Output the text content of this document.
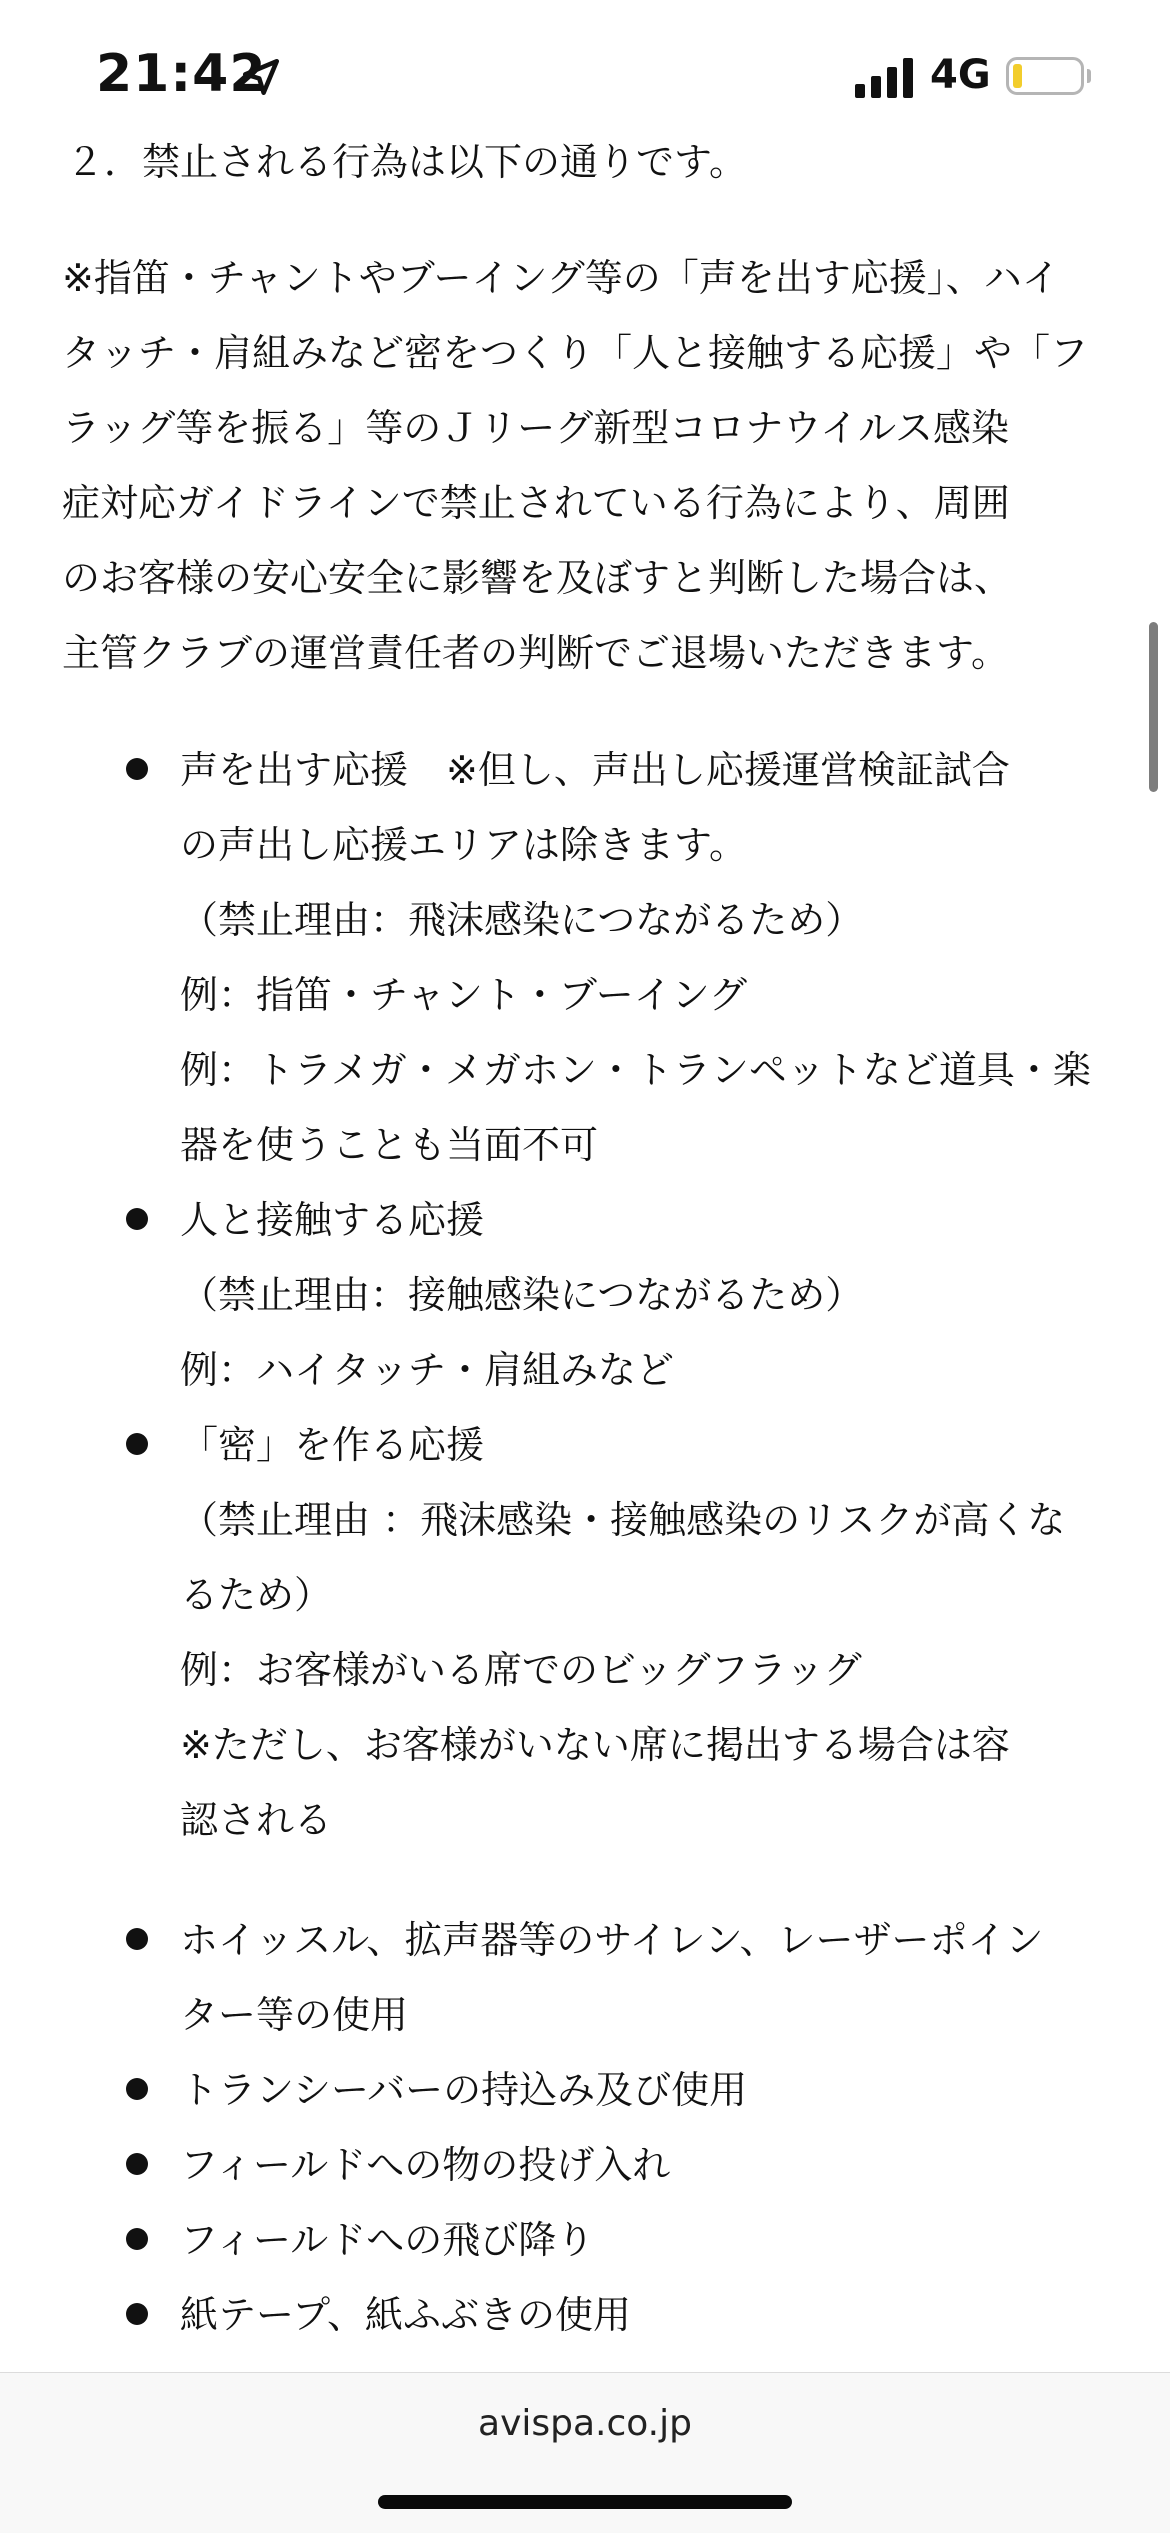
21:42	4G
２．禁止される行為は以下の通りです。
※指笛・チャントやブーイング等の「声を出す応援」、ハイ
タッチ・肩組みなど密をつくり「人と接触する応援」や「フ
ラッグ等を振る」等のＪリーグ新型コロナウイルス感染
症対応ガイドラインで禁止されている行為により、周囲
のお客様の安心安全に影響を及ぼすと判断した場合は、
主管クラブの運営責任者の判断でご退場いただきます。
声を出す応援　※但し、声出し応援運営検証試合
の声出し応援エリアは除きます。
（禁止理由：飛沫感染につながるため）
例：指笛・チャント・ブーイング
例：トラメガ・メガホン・トランペットなど道具・楽
器を使うことも当面不可
人と接触する応援
（禁止理由：接触感染につながるため）
例：ハイタッチ・肩組みなど
「密」を作る応援
（禁止理由 ：飛沫感染・接触感染のリスクが高くな
るため）
例：お客様がいる席でのビッグフラッグ
※ただし、お客様がいない席に掲出する場合は容
認される
ホイッスル、拡声器等のサイレン、レーザーポイン
ター等の使用
トランシーバーの持込み及び使用
フィールドへの物の投げ入れ
フィールドへの飛び降り
紙テープ、紙ふぶきの使用
avispa.co.jp
